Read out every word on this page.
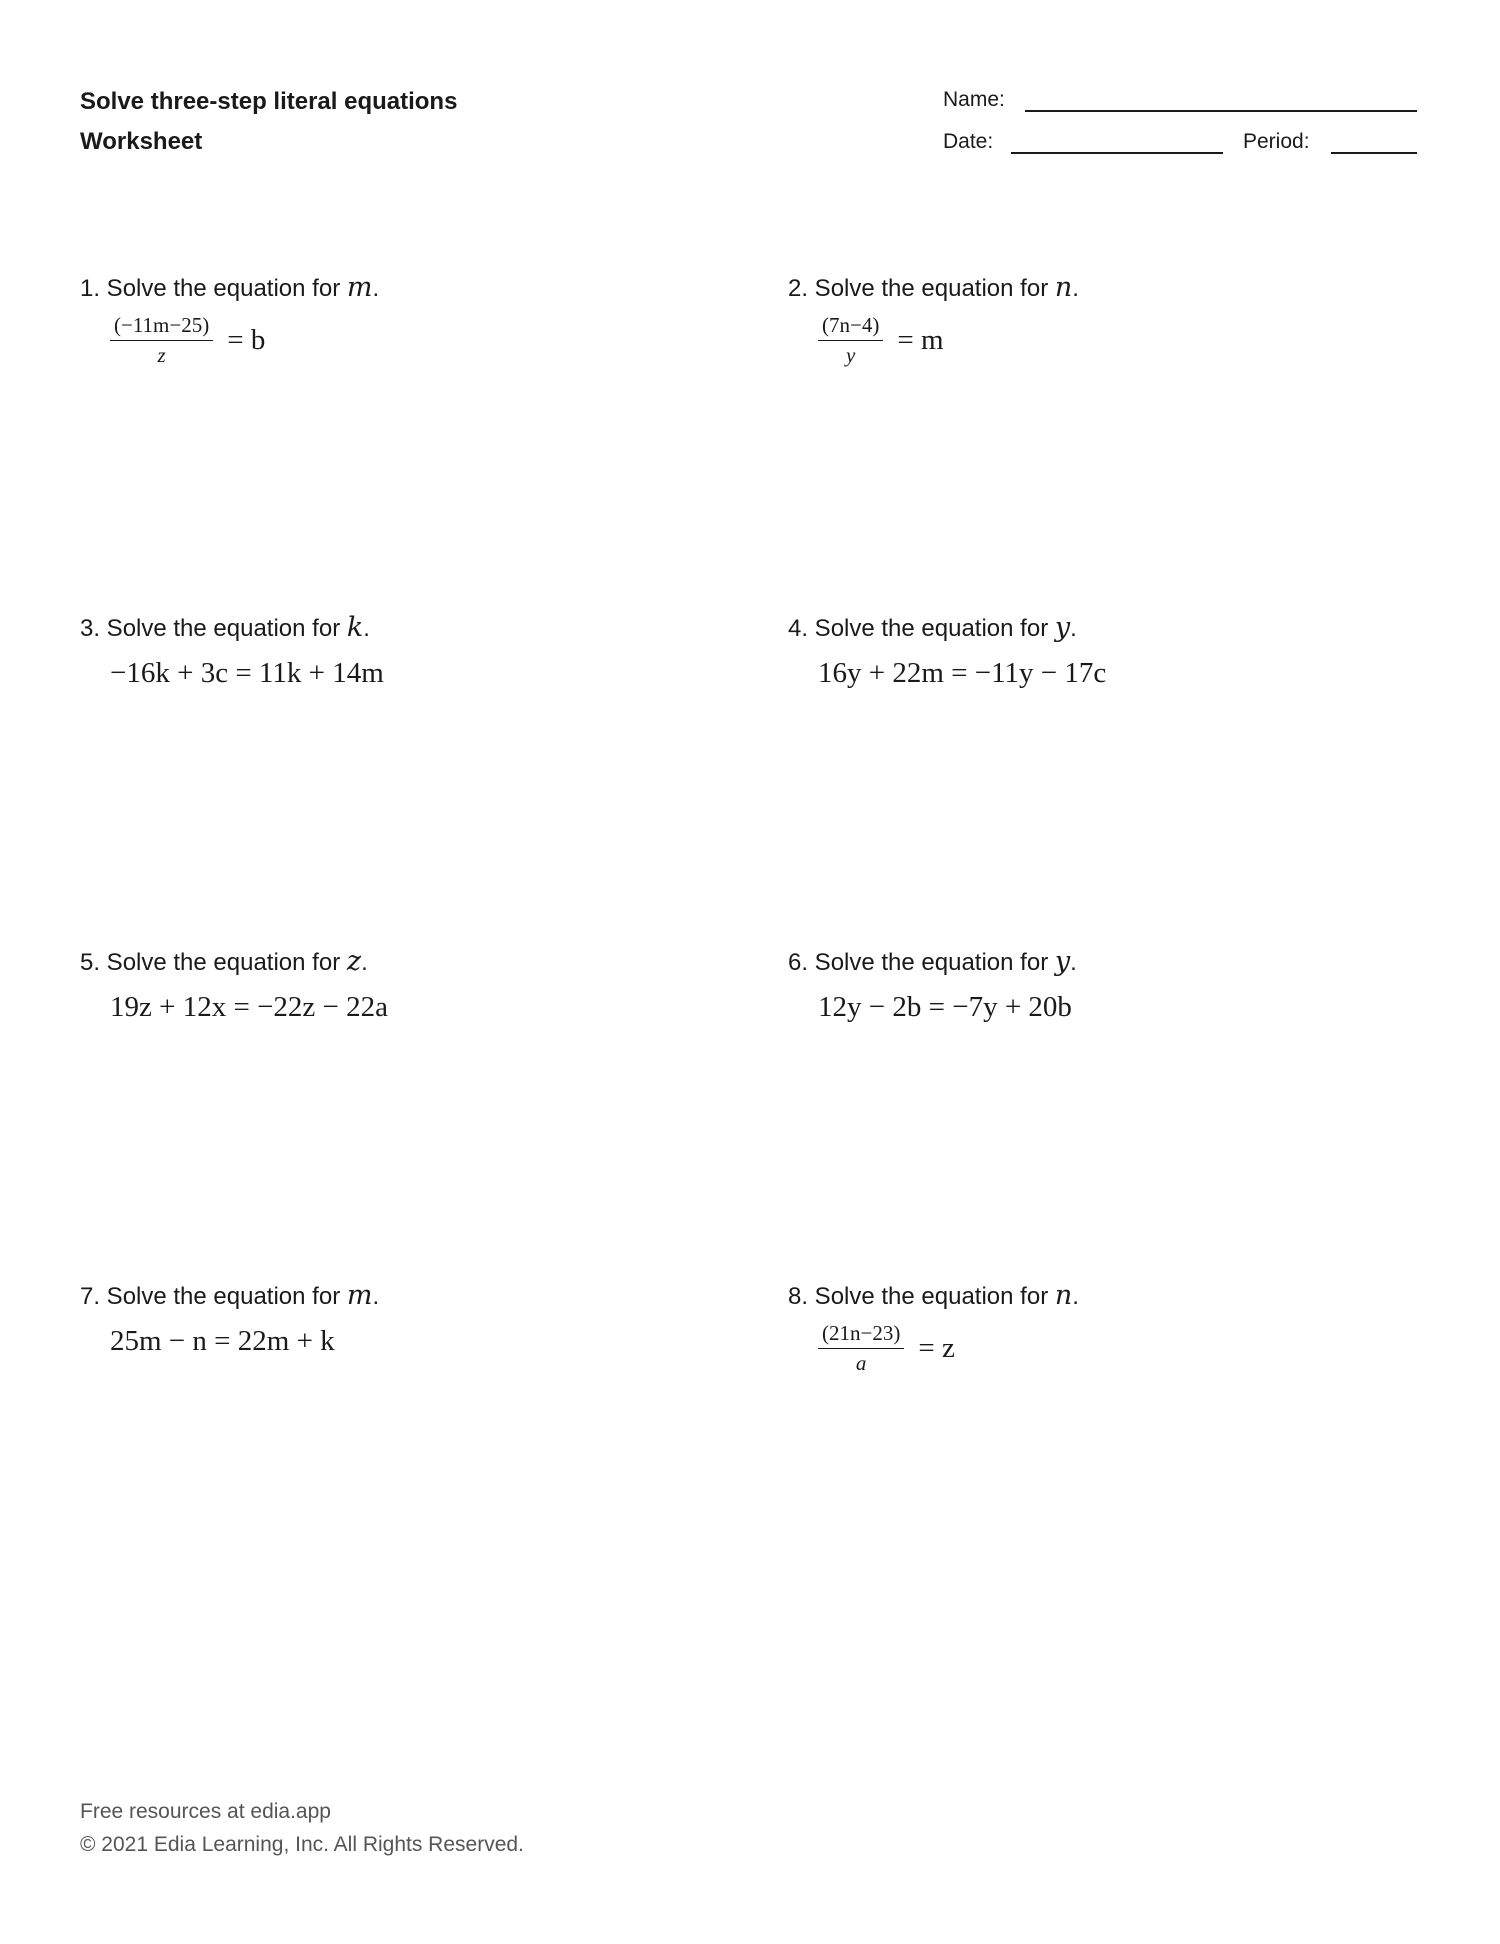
Solve three-step literal equations
Worksheet
Name:
Date:	Period:
1. Solve the equation for m.
$\frac{(-11m-25)}{z} = b$
2. Solve the equation for n.
$\frac{(7n-4)}{y} = m$
3. Solve the equation for k.
−16k + 3c = 11k + 14m
4. Solve the equation for y.
16y + 22m = −11y − 17c
5. Solve the equation for z.
19z + 12x = −22z − 22a
6. Solve the equation for y.
12y − 2b = −7y + 20b
7. Solve the equation for m.
25m − n = 22m + k
8. Solve the equation for n.
$\frac{(21n-23)}{a} = z$
Free resources at edia.app
© 2021 Edia Learning, Inc. All Rights Reserved.
